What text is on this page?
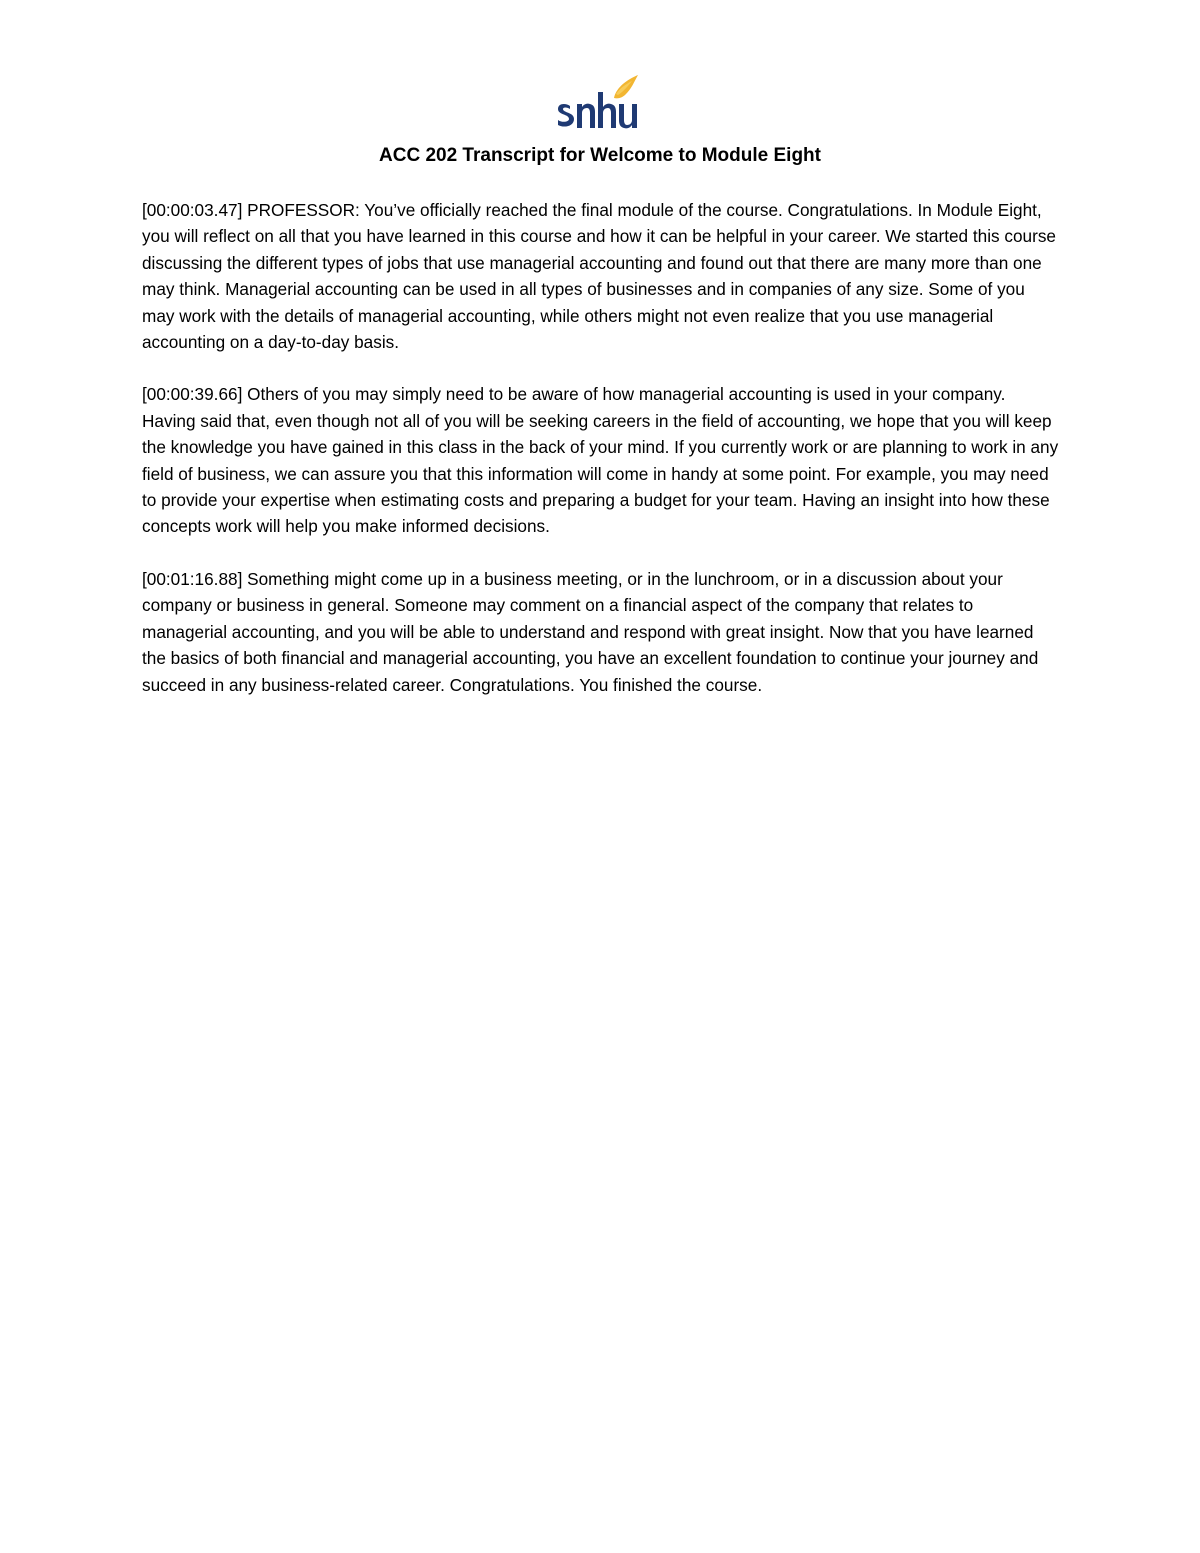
ACC 202 Transcript for Welcome to Module Eight

[00:00:03.47] PROFESSOR: You’ve officially reached the final module of the course. Congratulations. In Module Eight, you will reflect on all that you have learned in this course and how it can be helpful in your career. We started this course discussing the different types of jobs that use managerial accounting and found out that there are many more than one may think. Managerial accounting can be used in all types of businesses and in companies of any size. Some of you may work with the details of managerial accounting, while others might not even realize that you use managerial accounting on a day-to-day basis.

[00:00:39.66] Others of you may simply need to be aware of how managerial accounting is used in your company. Having said that, even though not all of you will be seeking careers in the field of accounting, we hope that you will keep the knowledge you have gained in this class in the back of your mind. If you currently work or are planning to work in any field of business, we can assure you that this information will come in handy at some point. For example, you may need to provide your expertise when estimating costs and preparing a budget for your team. Having an insight into how these concepts work will help you make informed decisions.

[00:01:16.88] Something might come up in a business meeting, or in the lunchroom, or in a discussion about your company or business in general. Someone may comment on a financial aspect of the company that relates to managerial accounting, and you will be able to understand and respond with great insight. Now that you have learned the basics of both financial and managerial accounting, you have an excellent foundation to continue your journey and succeed in any business-related career. Congratulations. You finished the course.
